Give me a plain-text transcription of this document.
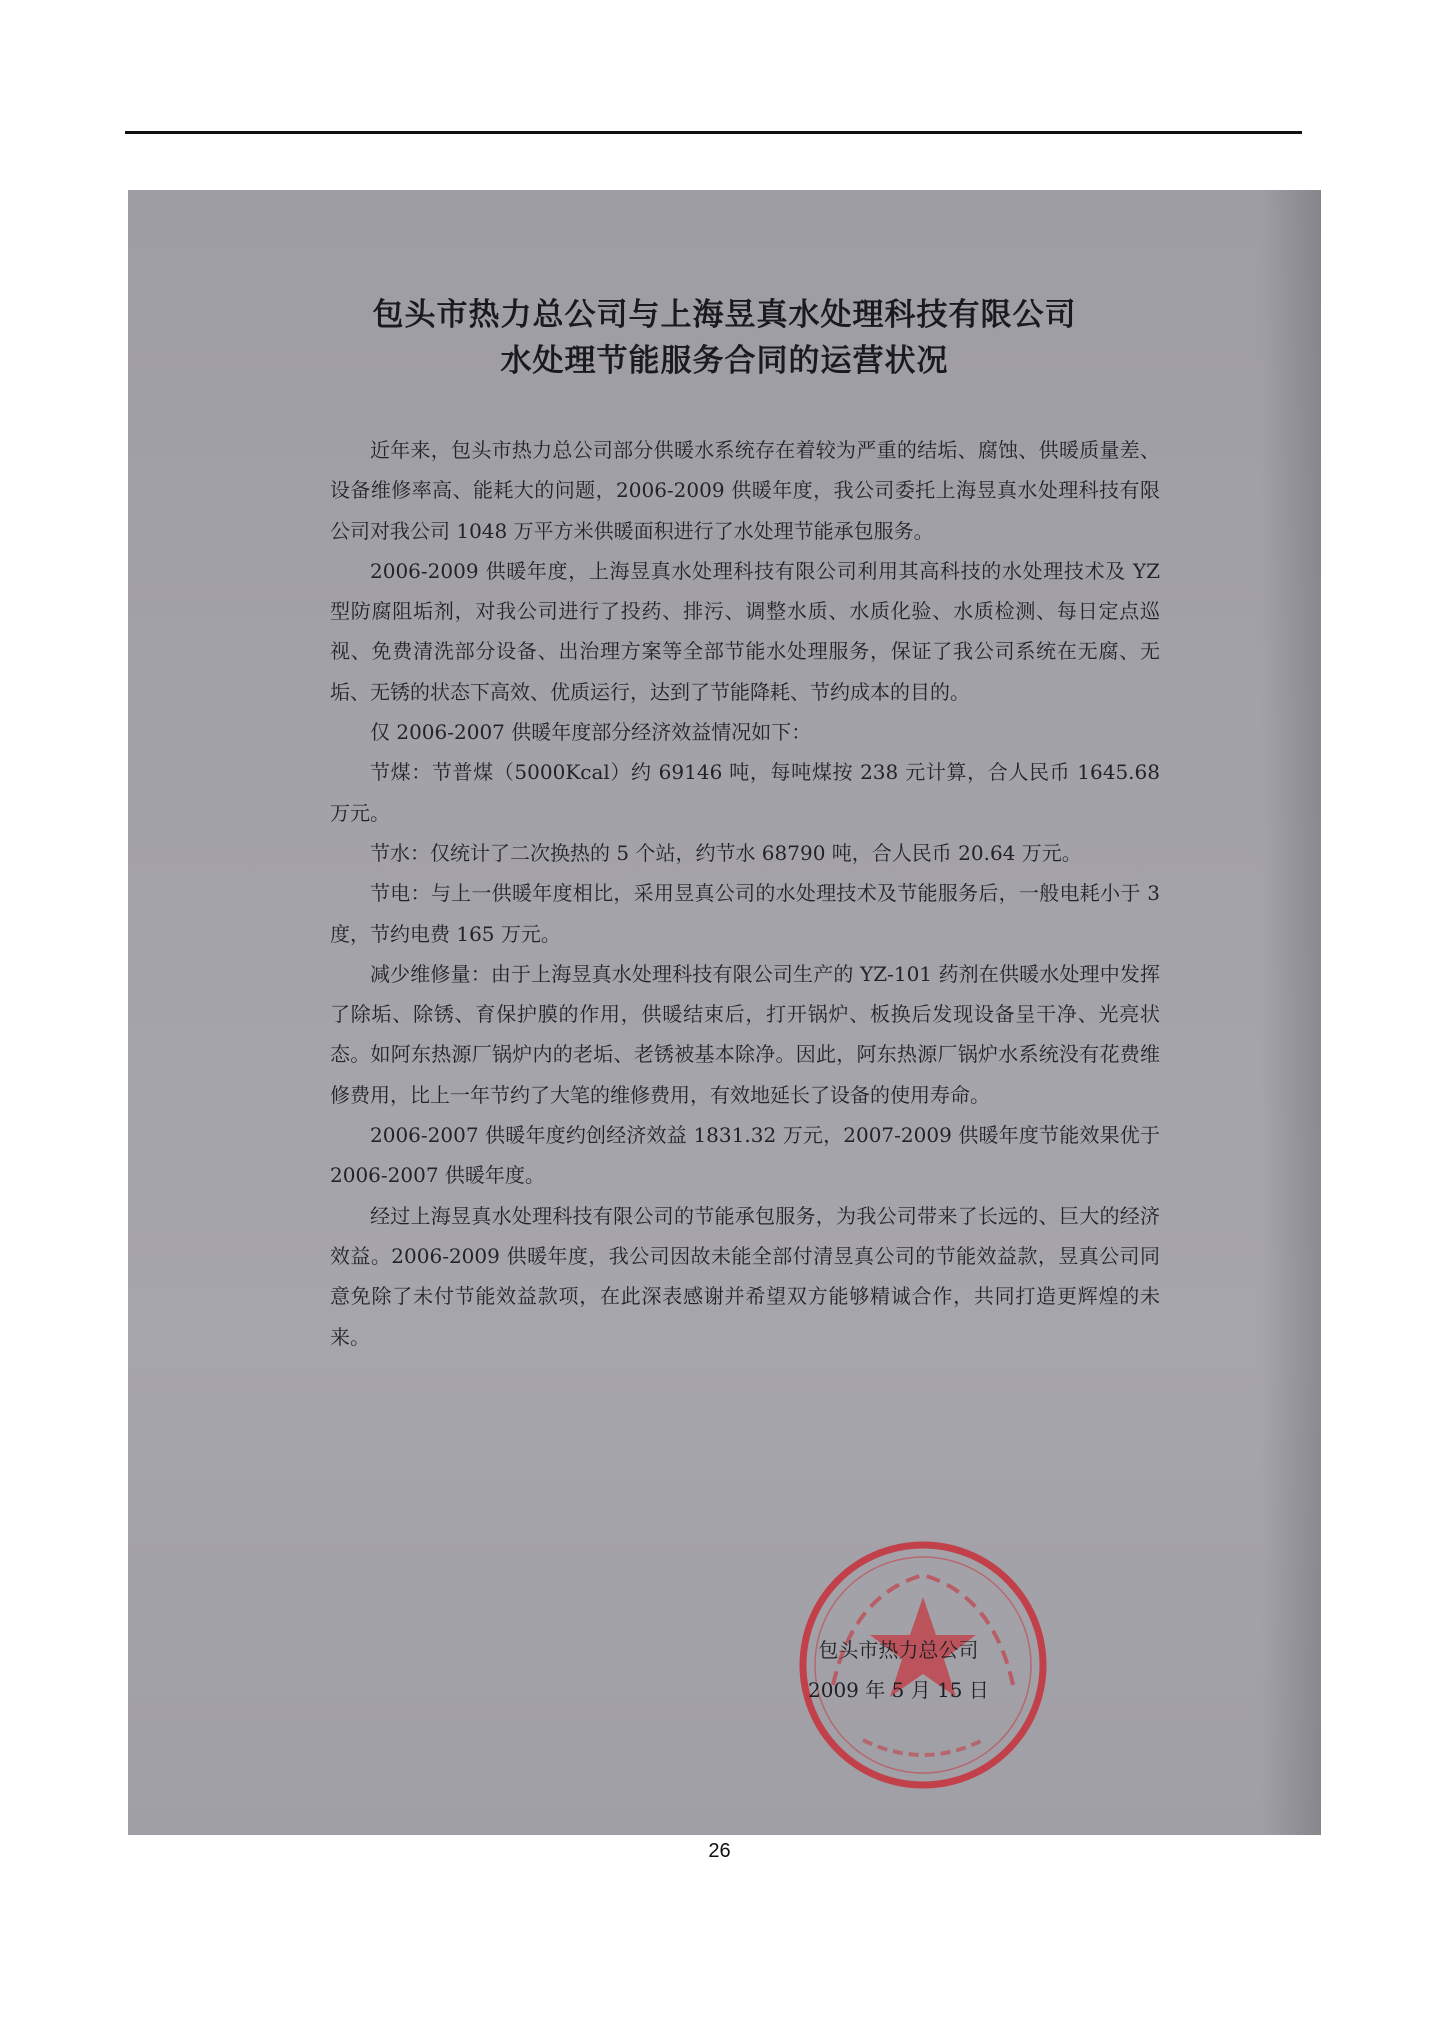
包头市热力总公司与上海昱真水处理科技有限公司
水处理节能服务合同的运营状况

近年来，包头市热力总公司部分供暖水系统存在着较为严重的结垢、腐蚀、供暖质量差、设备维修率高、能耗大的问题，2006-2009 供暖年度，我公司委托上海昱真水处理科技有限公司对我公司 1048 万平方米供暖面积进行了水处理节能承包服务。

2006-2009 供暖年度，上海昱真水处理科技有限公司利用其高科技的水处理技术及 YZ 型防腐阻垢剂，对我公司进行了投药、排污、调整水质、水质化验、水质检测、每日定点巡视、免费清洗部分设备、出治理方案等全部节能水处理服务，保证了我公司系统在无腐、无垢、无锈的状态下高效、优质运行，达到了节能降耗、节约成本的目的。

仅 2006-2007 供暖年度部分经济效益情况如下：

节煤：节普煤（5000Kcal）约 69146 吨，每吨煤按 238 元计算，合人民币 1645.68 万元。

节水：仅统计了二次换热的 5 个站，约节水 68790 吨，合人民币 20.64 万元。

节电：与上一供暖年度相比，采用昱真公司的水处理技术及节能服务后，一般电耗小于 3 度，节约电费 165 万元。

减少维修量：由于上海昱真水处理科技有限公司生产的 YZ-101 药剂在供暖水处理中发挥了除垢、除锈、育保护膜的作用，供暖结束后，打开锅炉、板换后发现设备呈干净、光亮状态。如阿东热源厂锅炉内的老垢、老锈被基本除净。因此，阿东热源厂锅炉水系统没有花费维修费用，比上一年节约了大笔的维修费用，有效地延长了设备的使用寿命。

2006-2007 供暖年度约创经济效益 1831.32 万元，2007-2009 供暖年度节能效果优于 2006-2007 供暖年度。

经过上海昱真水处理科技有限公司的节能承包服务，为我公司带来了长远的、巨大的经济效益。2006-2009 供暖年度，我公司因故未能全部付清昱真公司的节能效益款，昱真公司同意免除了未付节能效益款项，在此深表感谢并希望双方能够精诚合作，共同打造更辉煌的未来。

包头市热力总公司
2009 年 5 月 15 日
26
